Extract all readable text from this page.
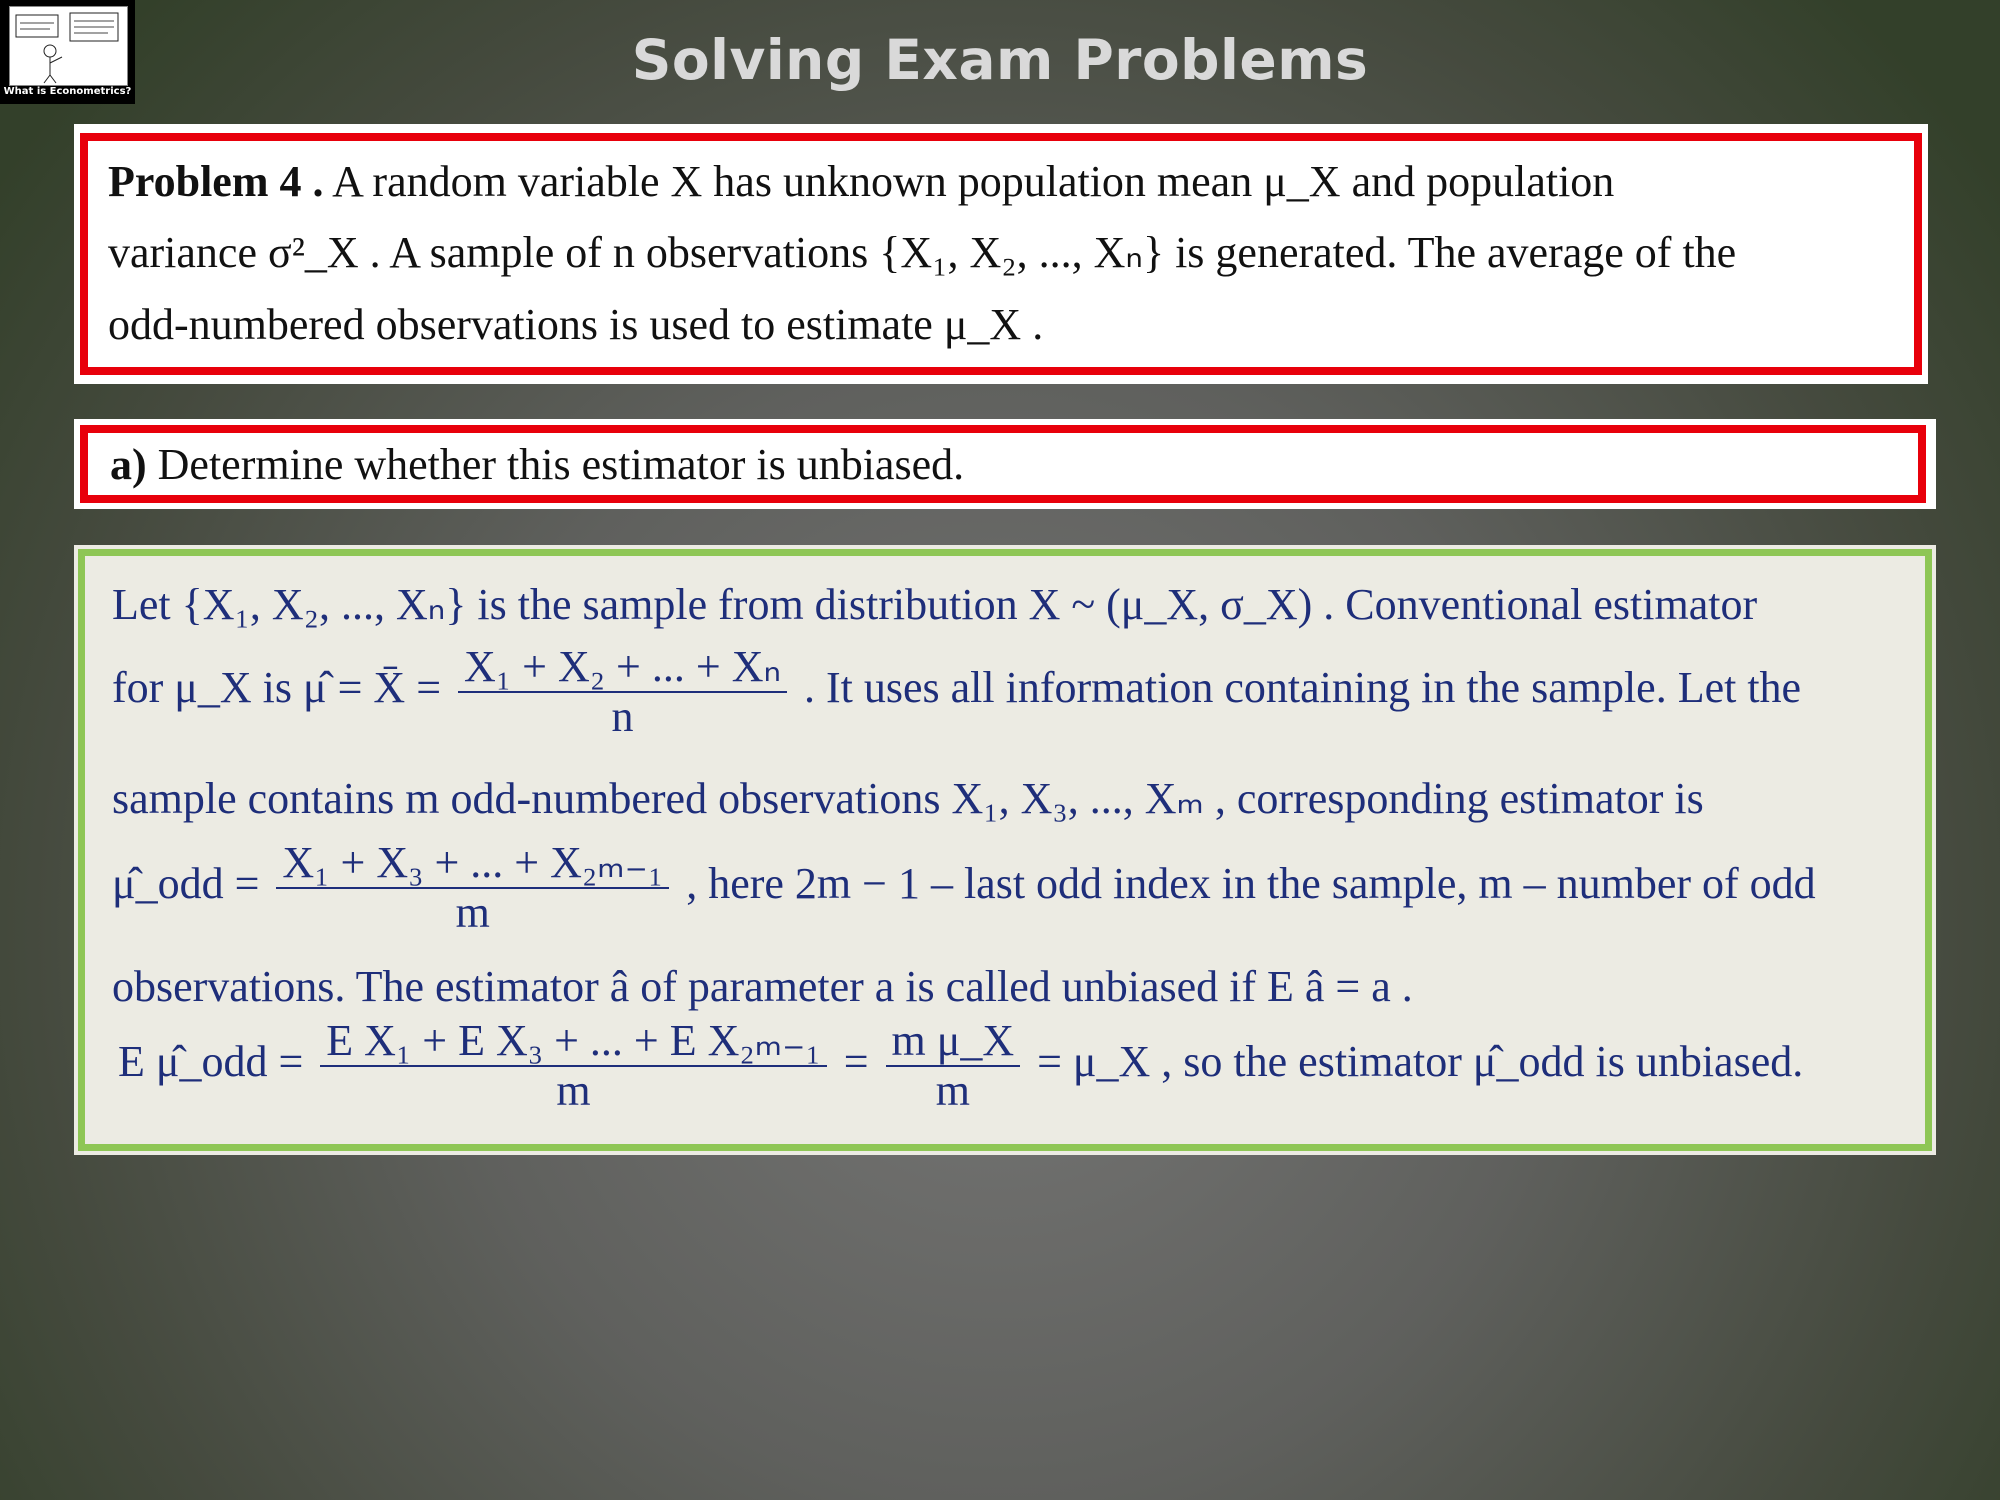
What is Econometrics?	Solving Exam Problems
Problem 4 . A random variable X has unknown population mean μ_X and population
variance σ²_X . A sample of n observations {X₁, X₂, ..., Xₙ} is generated. The average of the
odd-numbered observations is used to estimate μ_X .
a) Determine whether this estimator is unbiased.
Let {X₁, X₂, ..., Xₙ} is the sample from distribution X ~ (μ_X, σ_X) . Conventional estimator
for μ_X is μ̂ = X̄ = $\frac{\text{X₁ + X₂ + ... + Xₙ}}{n}$ . It uses all information containing in the sample. Let the
sample contains m odd-numbered observations X₁, X₃, ..., Xₘ , corresponding estimator is
μ̂_odd = $\frac{\text{X₁ + X₃ + ... + X₂ₘ₋₁}}{m}$ , here 2m − 1 – last odd index in the sample, m – number of odd
observations. The estimator â of parameter a is called unbiased if E â = a .
E μ̂_odd = $\frac{\text{E X₁ + E X₃ + ... + E X₂ₘ₋₁}}{m} = \frac{\text{m μ\_X}}{m}$ = μ_X , so the estimator μ̂_odd is unbiased.
